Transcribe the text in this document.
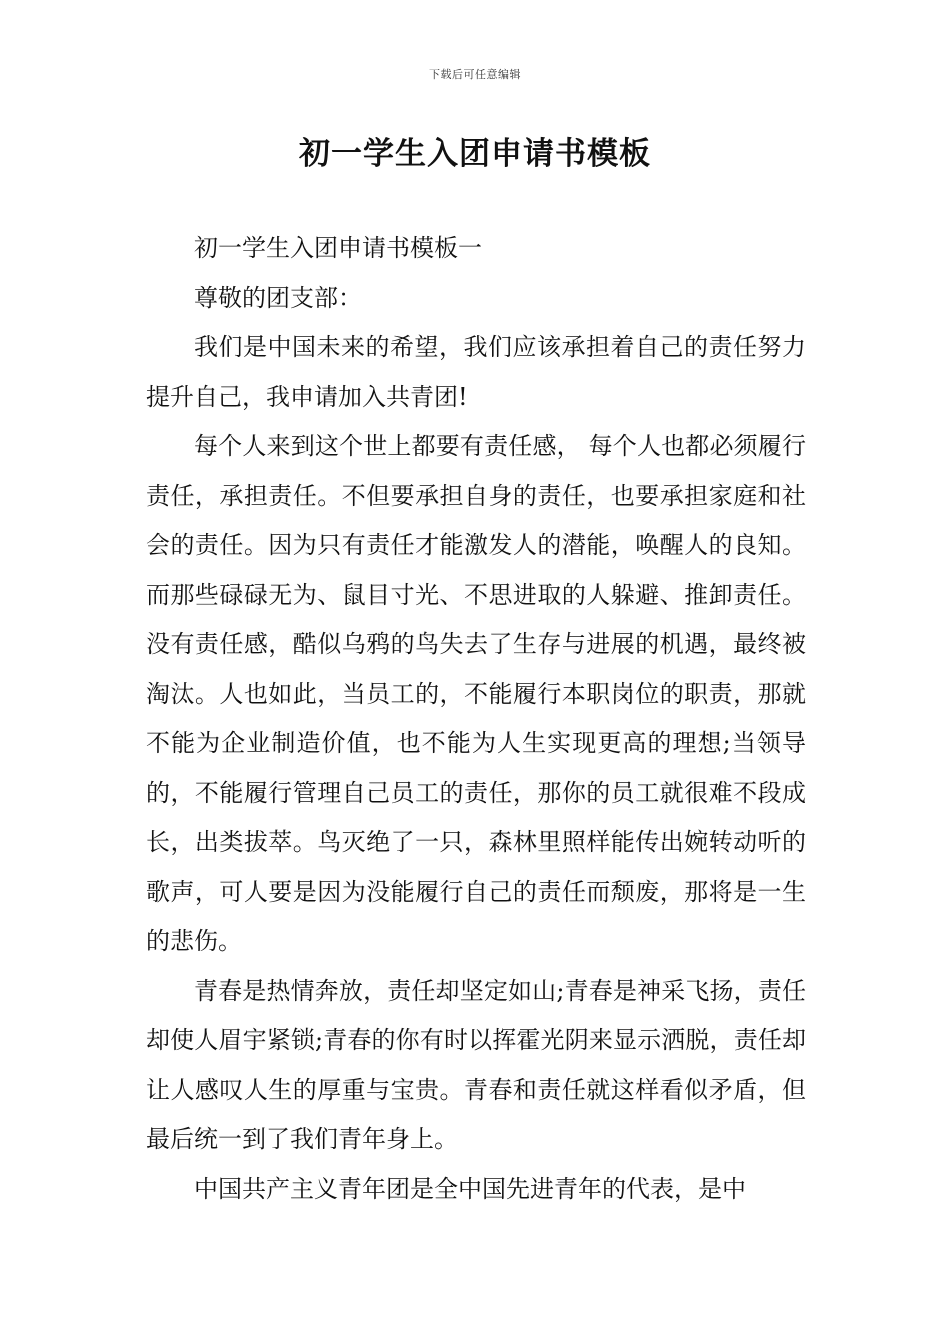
下载后可任意编辑
初一学生入团申请书模板

初一学生入团申请书模板一

尊敬的团支部：

我们是中国未来的希望，我们应该承担着自己的责任努力提升自己，我申请加入共青团!

每个人来到这个世上都要有责任感， 每个人也都必须履行责任，承担责任。不但要承担自身的责任，也要承担家庭和社会的责任。因为只有责任才能激发人的潜能，唤醒人的良知。 而那些碌碌无为、鼠目寸光、不思进取的人躲避、推卸责任。没有责任感，酷似乌鸦的鸟失去了生存与进展的机遇，最终被淘汰。人也如此，当员工的，不能履行本职岗位的职责，那就不能为企业制造价值，也不能为人生实现更高的理想;当领导的，不能履行管理自己员工的责任，那你的员工就很难不段成长，出类拔萃。鸟灭绝了一只，森林里照样能传出婉转动听的歌声，可人要是因为没能履行自己的责任而颓废，那将是一生的悲伤。

青春是热情奔放，责任却坚定如山;青春是神采飞扬，责任却使人眉宇紧锁;青春的你有时以挥霍光阴来显示洒脱，责任却让人感叹人生的厚重与宝贵。青春和责任就这样看似矛盾，但最后统一到了我们青年身上。

中国共产主义青年团是全中国先进青年的代表，是中
